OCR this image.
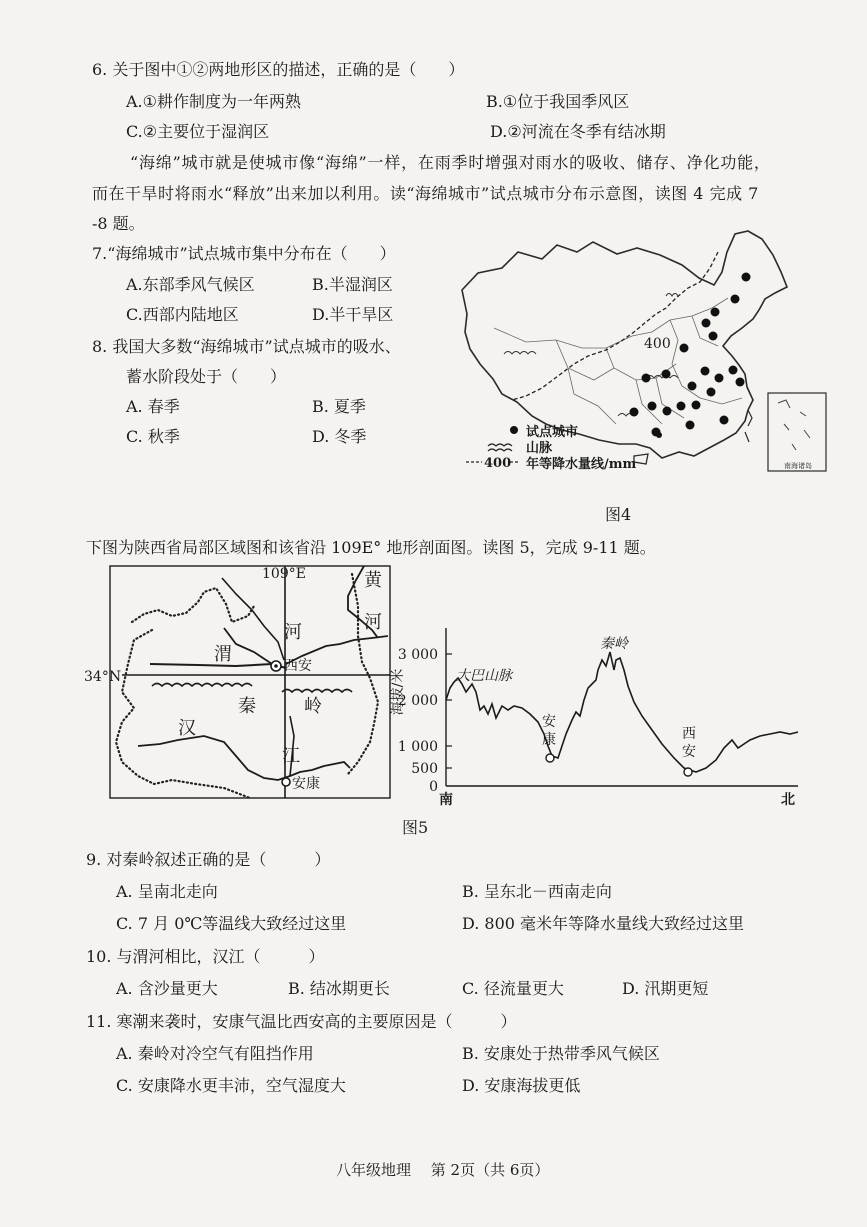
6. 关于图中①②两地形区的描述，正确的是（　　）
A.①耕作制度为一年两熟	B.①位于我国季风区
C.②主要位于湿润区	D.②河流在冬季有结冰期
“海绵”城市就是使城市像“海绵”一样，在雨季时增强对雨水的吸收、储存、净化功能，
而在干旱时将雨水“释放”出来加以利用。读“海绵城市”试点城市分布示意图，读图 4 完成 7
-8 题。
7.“海绵城市”试点城市集中分布在（　　）
A.东部季风气候区	B.半湿润区
C.西部内陆地区	D.半干旱区
8. 我国大多数“海绵城市”试点城市的吸水、
蓄水阶段处于（　　）
A. 春季	B. 夏季
C. 秋季	D. 冬季
400
南海诸岛
试点城市
山脉
400 年等降水量线/mm
图4
下图为陕西省局部区域图和该省沿 109E° 地形剖面图。读图 5，完成 9-11 题。
109°E
34°N
黄
河
河
渭
西安
秦	岭
汉
江
安康
3 000
2 000
1 000
500
0
海拔/米	大巴山脉
秦岭
安
康	西
安
南	北
图5
9. 对秦岭叙述正确的是（　　　）
A. 呈南北走向	B. 呈东北－西南走向
C. 7 月 0℃等温线大致经过这里	D. 800 毫米年等降水量线大致经过这里
10. 与渭河相比，汉江（　　　）
A. 含沙量更大	B. 结冰期更长	C. 径流量更大	D. 汛期更短
11. 寒潮来袭时，安康气温比西安高的主要原因是（　　　）
A. 秦岭对冷空气有阻挡作用	B. 安康处于热带季风气候区
C. 安康降水更丰沛，空气湿度大	D. 安康海拔更低
八年级地理　 第 2页（共 6页）
